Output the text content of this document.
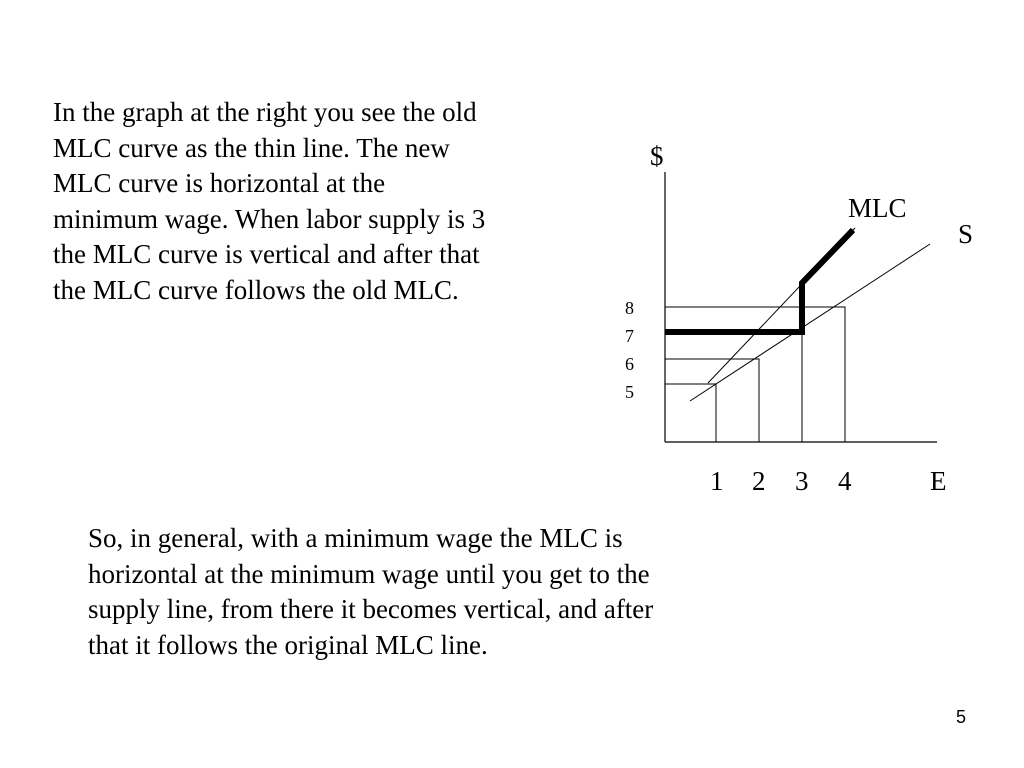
In the graph at the right you see the old
MLC curve as the thin line. The new
MLC curve is horizontal at the
minimum wage. When labor supply is 3
the MLC curve is vertical and after that
the MLC curve follows the old MLC.

$
E
MLC
S
1 2 3 4
8
7
6
5

So, in general, with a minimum wage the MLC is
horizontal at the minimum wage until you get to the
supply line, from there it becomes vertical, and after
that it follows the original MLC line.

5
